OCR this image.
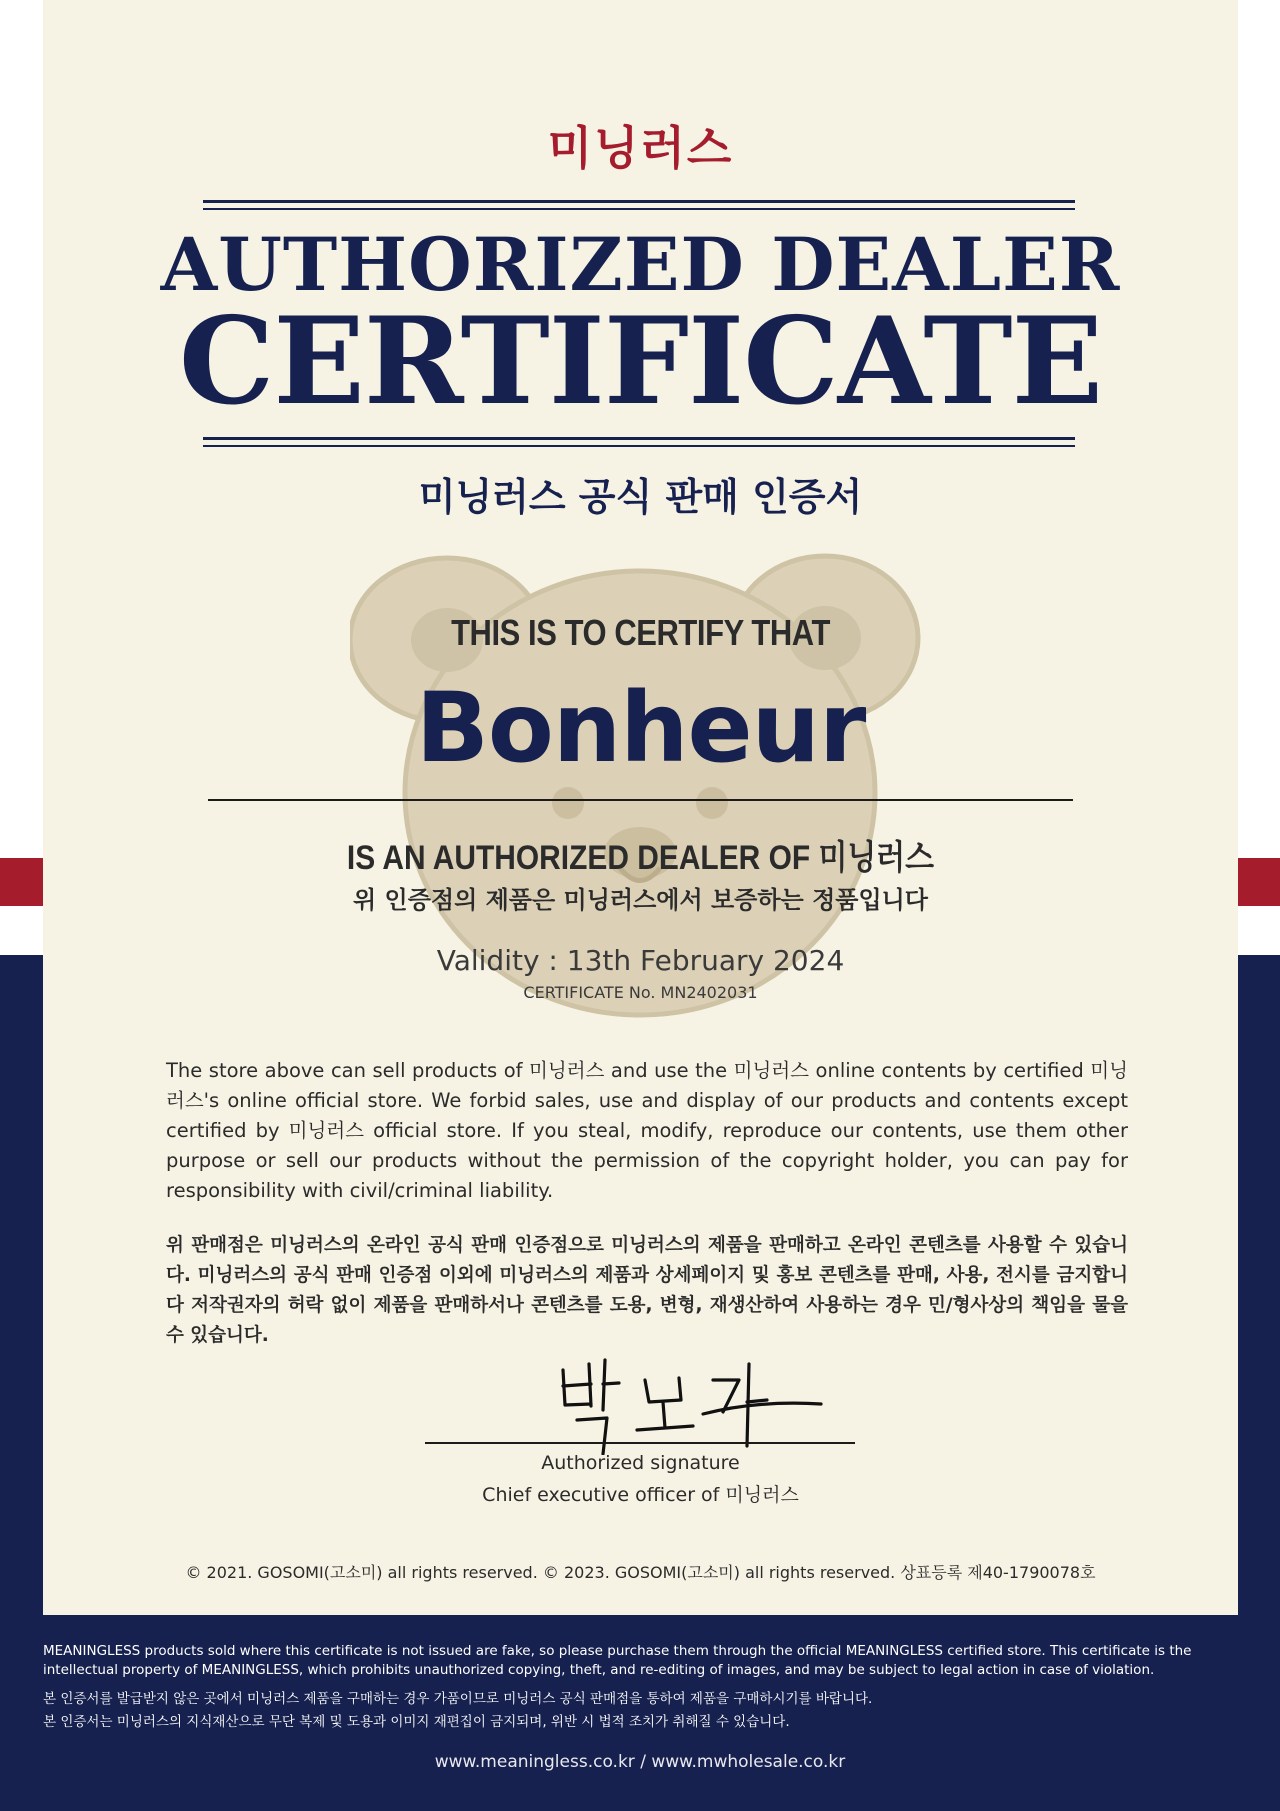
미닝러스
AUTHORIZED DEALER
CERTIFICATE
미닝러스 공식 판매 인증서
THIS IS TO CERTIFY THAT
Bonheur
IS AN AUTHORIZED DEALER OF 미닝러스
위 인증점의 제품은 미닝러스에서 보증하는 정품입니다
Validity : 13th February 2024
CERTIFICATE No. MN2402031
The store above can sell products of 미닝러스 and use the 미닝러스 online contents by certified 미닝러스's online official store. We forbid sales, use and display of our products and contents except certified by 미닝러스 official store. If you steal, modify, reproduce our contents, use them other purpose or sell our products without the permission of the copyright holder, you can pay for responsibility with civil/criminal liability.
위 판매점은 미닝러스의 온라인 공식 판매 인증점으로 미닝러스의 제품을 판매하고 온라인 콘텐츠를 사용할 수 있습니다. 미닝러스의 공식 판매 인증점 이외에 미닝러스의 제품과 상세페이지 및 홍보 콘텐츠를 판매, 사용, 전시를 금지합니다 저작권자의 허락 없이 제품을 판매하서나 콘텐츠를 도용, 변형, 재생산하여 사용하는 경우 민/형사상의 책임을 물을 수 있습니다.
Authorized signature
Chief executive officer of 미닝러스
© 2021. GOSOMI(고소미) all rights reserved. © 2023. GOSOMI(고소미) all rights reserved. 상표등록 제40-1790078호
MEANINGLESS products sold where this certificate is not issued are fake, so please purchase them through the official MEANINGLESS certified store. This certificate is the intellectual property of MEANINGLESS, which prohibits unauthorized copying, theft, and re-editing of images, and may be subject to legal action in case of violation.
본 인증서를 발급받지 않은 곳에서 미닝러스 제품을 구매하는 경우 가품이므로 미닝러스 공식 판매점을 통하여 제품을 구매하시기를 바랍니다.
본 인증서는 미닝러스의 지식재산으로 무단 복제 및 도용과 이미지 재편집이 금지되며, 위반 시 법적 조치가 취해질 수 있습니다.
www.meaningless.co.kr / www.mwholesale.co.kr
